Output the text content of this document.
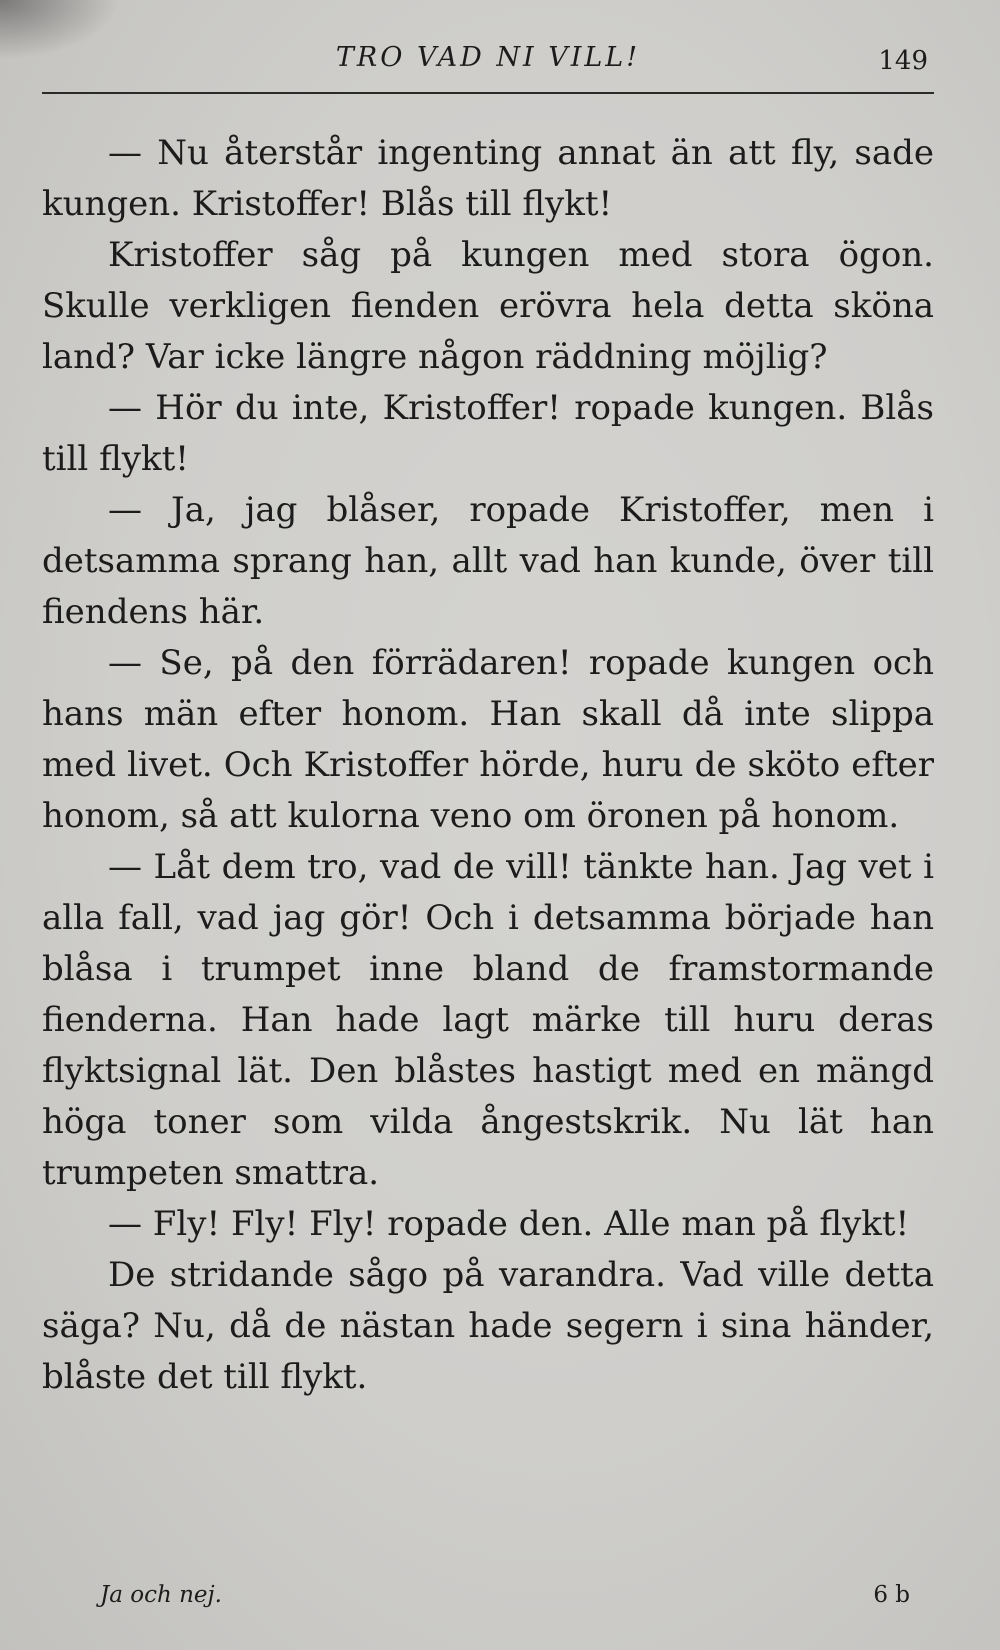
TRO VAD NI VILL!	149

— Nu återstår ingenting annat än att fly, sade kungen. Kristoffer! Blås till flykt!

Kristoffer såg på kungen med stora ögon. Skulle verkligen fienden erövra hela detta sköna land? Var icke längre någon räddning möjlig?

— Hör du inte, Kristoffer! ropade kungen. Blås till flykt!

— Ja, jag blåser, ropade Kristoffer, men i detsamma sprang han, allt vad han kunde, över till fiendens här.

— Se, på den förrädaren! ropade kungen och hans män efter honom. Han skall då inte slippa med livet. Och Kristoffer hörde, huru de sköto efter honom, så att kulorna veno om öronen på honom.

— Låt dem tro, vad de vill! tänkte han. Jag vet i alla fall, vad jag gör! Och i detsamma började han blåsa i trumpet inne bland de framstormande fienderna. Han hade lagt märke till huru deras flyktsignal lät. Den blåstes hastigt med en mängd höga toner som vilda ångestskrik. Nu lät han trumpeten smattra.

— Fly! Fly! Fly! ropade den. Alle man på flykt!

De stridande sågo på varandra. Vad ville detta säga? Nu, då de nästan hade segern i sina händer, blåste det till flykt.

Ja och nej.	6 b
